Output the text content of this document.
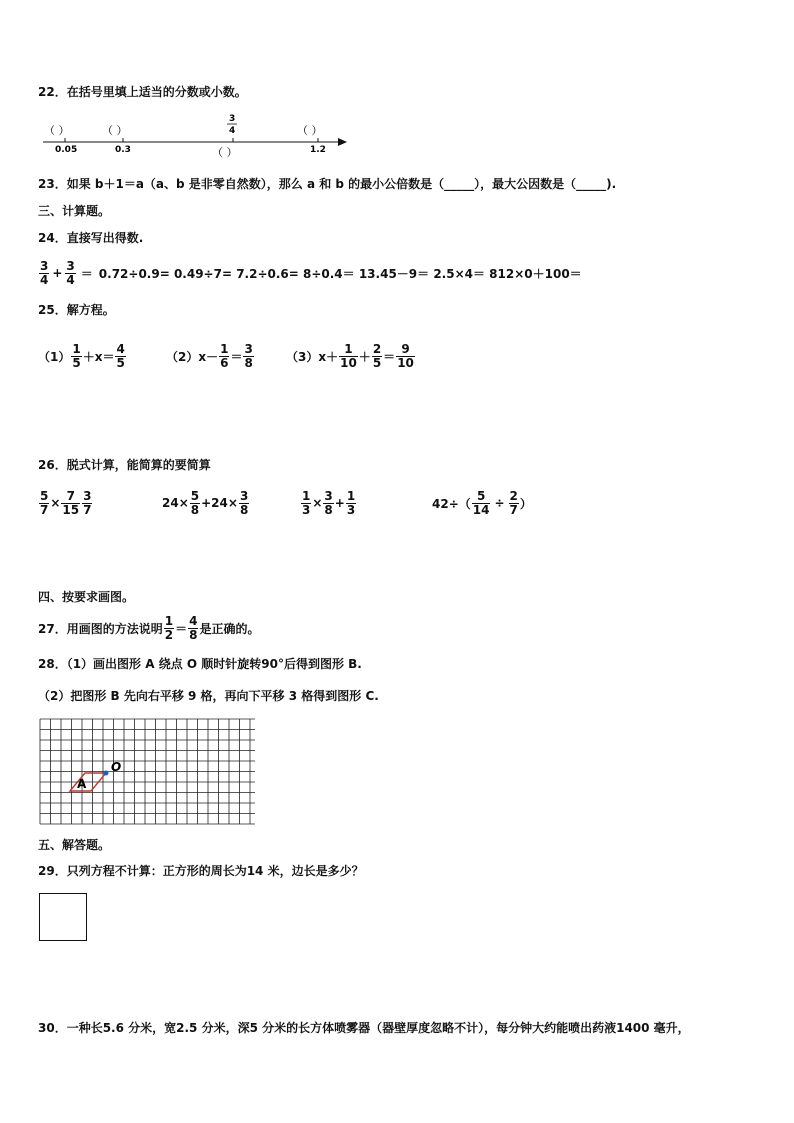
22．在括号里填上适当的分数或小数。
（ ）	（ ）
（ ）
（ ）
3
4
0.05	0.3	1.2
23．如果 b＋1＝a（a、b 是非零自然数），那么 a 和 b 的最小公倍数是（_____），最大公因数是（_____).
三、计算题。
24．直接写出得数.
$\frac{3}{4} + \frac{3}{4} = 0.72\div 0.9= 0.49\div 7= 7.2\div 0.6= 8\div 0.4= 13.45-9= 2.5\times 4= 812\times 0+100=$
25．解方程。
$(1) \frac{1}{5} +x= \frac{4}{5}$	$(2)x- \frac{1}{6} = \frac{3}{8}$	$(3)x+ \frac{1}{10} + \frac{2}{5} = \frac{9}{10}$
26．脱式计算，能简算的要简算
$\frac{5}{7} \times \frac{7}{15} \frac{3}{7}$	$24\times \frac{5}{8} +24\times \frac{3}{8}$	$\frac{1}{3} \times \frac{3}{8} + \frac{1}{3}$	$42\div( \frac{5}{14} \div \frac{2}{7}$ ）
四、按要求画图。
27．用画图的方法说明 $\frac{1}{2} = \frac{4}{8}$ 是正确的。
28．（1）画出图形 A 绕点 O 顺时针旋转90°后得到图形 B.
（2）把图形 B 先向右平移 9 格，再向下平移 3 格得到图形 C.
A
O
五、解答题。
29．只列方程不计算：正方形的周长为14 米，边长是多少？
30．一种长5.6 分米，宽2.5 分米，深5 分米的长方体喷雾器（器壁厚度忽略不计），每分钟大约能喷出药液1400 毫升，
